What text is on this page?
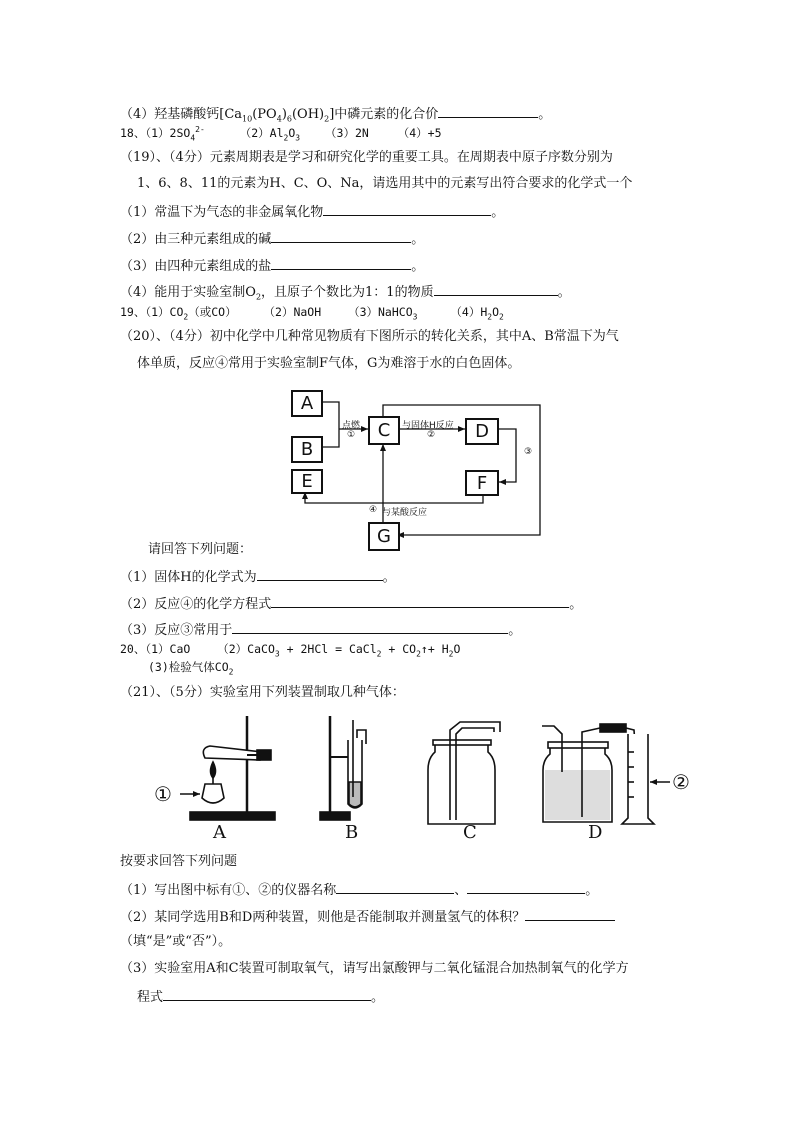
（4）羟基磷酸钙$[Ca_{10}(PO_4)_6(OH)_2]$中磷元素的化合价	。
18、$(1)2SO_4^{2-}$	$(2)Al_2O_3$ （3）2N	（4）+5
（19）、（4分）元素周期表是学习和研究化学的重要工具。在周期表中原子序数分别为
1、6、8、11的元素为H、C、O、Na，请选用其中的元素写出符合要求的化学式一个
（1）常温下为气态的非金属氧化物	。
（2）由三种元素组成的碱	。
（3）由四种元素组成的盐	。
（4）能用于实验室制$O_2$，且原子个数比为1：1的物质	。
19、$(1)CO_2$（或CO） （2）NaOH （3）NaHCO$_3$	$(4)H_2O_2$
（20）、（4分）初中化学中几种常见物质有下图所示的转化关系，其中A、B常温下为气
体单质，反应④常用于实验室制F气体，G为难溶于水的白色固体。
A
B
C	D
E	F
G
点燃
①
与固体H反应
②
③
④ 与某酸反应
请回答下列问题：
（1）固体H的化学式为	。
（2）反应④的化学方程式	。
（3）反应③常用于	。
20、（1）CaO （2）CaCO$_3$ + 2HCl = CaCl$_2$ + $CO_2↑+ H_2O$
(3)检验气体$CO_2$
（21）、（5分）实验室用下列装置制取几种气体：
①	②
A	B	C	D
按要求回答下列问题
（1）写出图中标有①、②的仪器名称	、	。
（2）某同学选用B和D两种装置，则他是否能制取并测量氢气的体积？
（填“是”或“否”）。
（3）实验室用A和C装置可制取氧气，请写出氯酸钾与二氧化锰混合加热制氧气的化学方
程式	。
